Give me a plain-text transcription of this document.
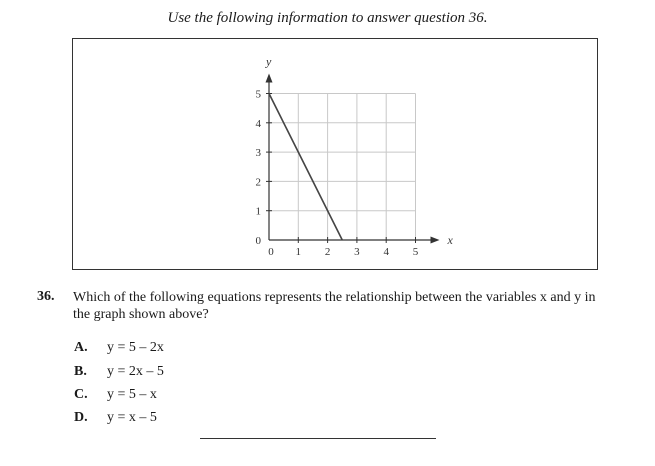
Use the following information to answer question 36.
x
y
0 1 2 3 4 5
0
1
2
3
4
5
36. Which of the following equations represents the relationship between the variables x and y in the graph shown above?
A. y = 5 – 2x
B. y = 2x – 5
C. y = 5 – x
D. y = x – 5
